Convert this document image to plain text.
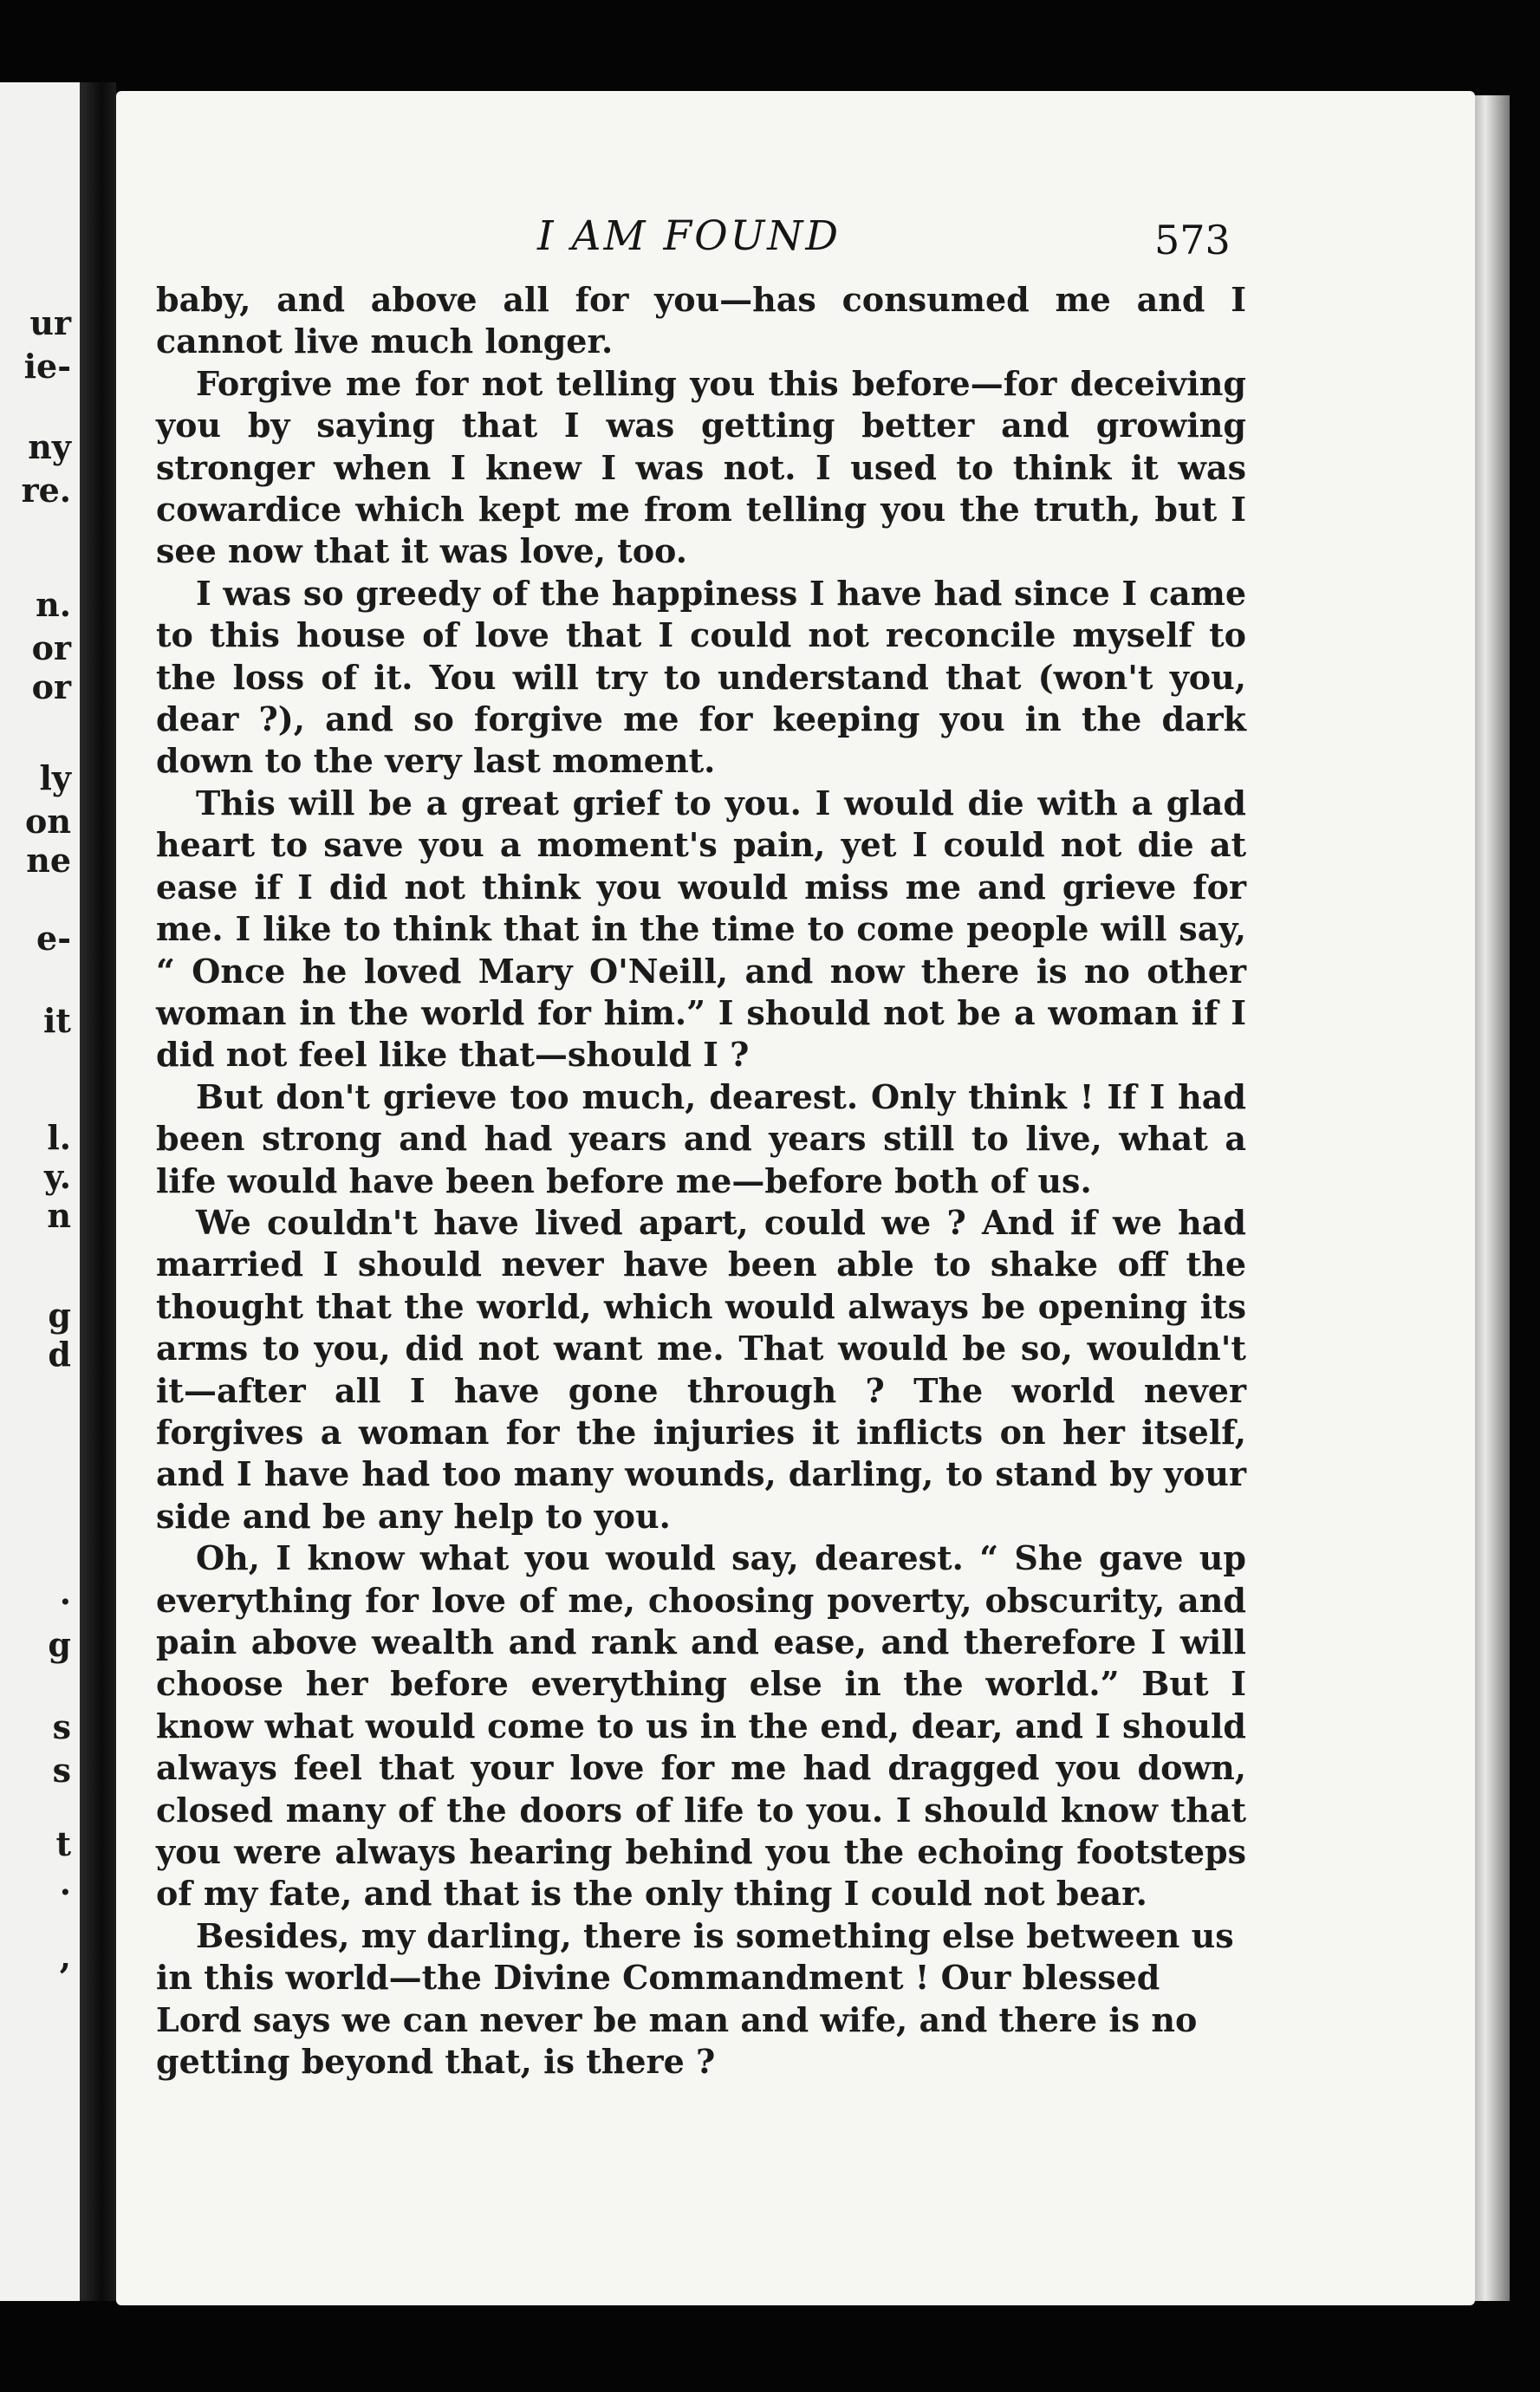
ur
ie-
ny
re.
n.
or
or
ly
on
ne
e-
it
l.
y.
n
g
d
.
g
s
s
t
.
,
I AM FOUND	573

baby, and above all for you—has consumed me and I cannot live much longer.

Forgive me for not telling you this before—for deceiving you by saying that I was getting better and growing stronger when I knew I was not. I used to think it was cowardice which kept me from telling you the truth, but I see now that it was love, too.

I was so greedy of the happiness I have had since I came to this house of love that I could not reconcile myself to the loss of it. You will try to understand that (won't you, dear ?), and so forgive me for keeping you in the dark down to the very last moment.

This will be a great grief to you. I would die with a glad heart to save you a moment's pain, yet I could not die at ease if I did not think you would miss me and grieve for me. I like to think that in the time to come people will say, “ Once he loved Mary O'Neill, and now there is no other woman in the world for him.” I should not be a woman if I did not feel like that—should I ?

But don't grieve too much, dearest. Only think ! If I had been strong and had years and years still to live, what a life would have been before me—before both of us.

We couldn't have lived apart, could we ? And if we had married I should never have been able to shake off the thought that the world, which would always be opening its arms to you, did not want me. That would be so, wouldn't it—after all I have gone through ? The world never forgives a woman for the injuries it inflicts on her itself, and I have had too many wounds, darling, to stand by your side and be any help to you.

Oh, I know what you would say, dearest. “ She gave up everything for love of me, choosing poverty, obscurity, and pain above wealth and rank and ease, and therefore I will choose her before everything else in the world.” But I know what would come to us in the end, dear, and I should always feel that your love for me had dragged you down, closed many of the doors of life to you. I should know that you were always hearing behind you the echoing footsteps of my fate, and that is the only thing I could not bear.

Besides, my darling, there is something else between us in this world—the Divine Commandment ! Our blessed Lord says we can never be man and wife, and there is no getting beyond that, is there ?
